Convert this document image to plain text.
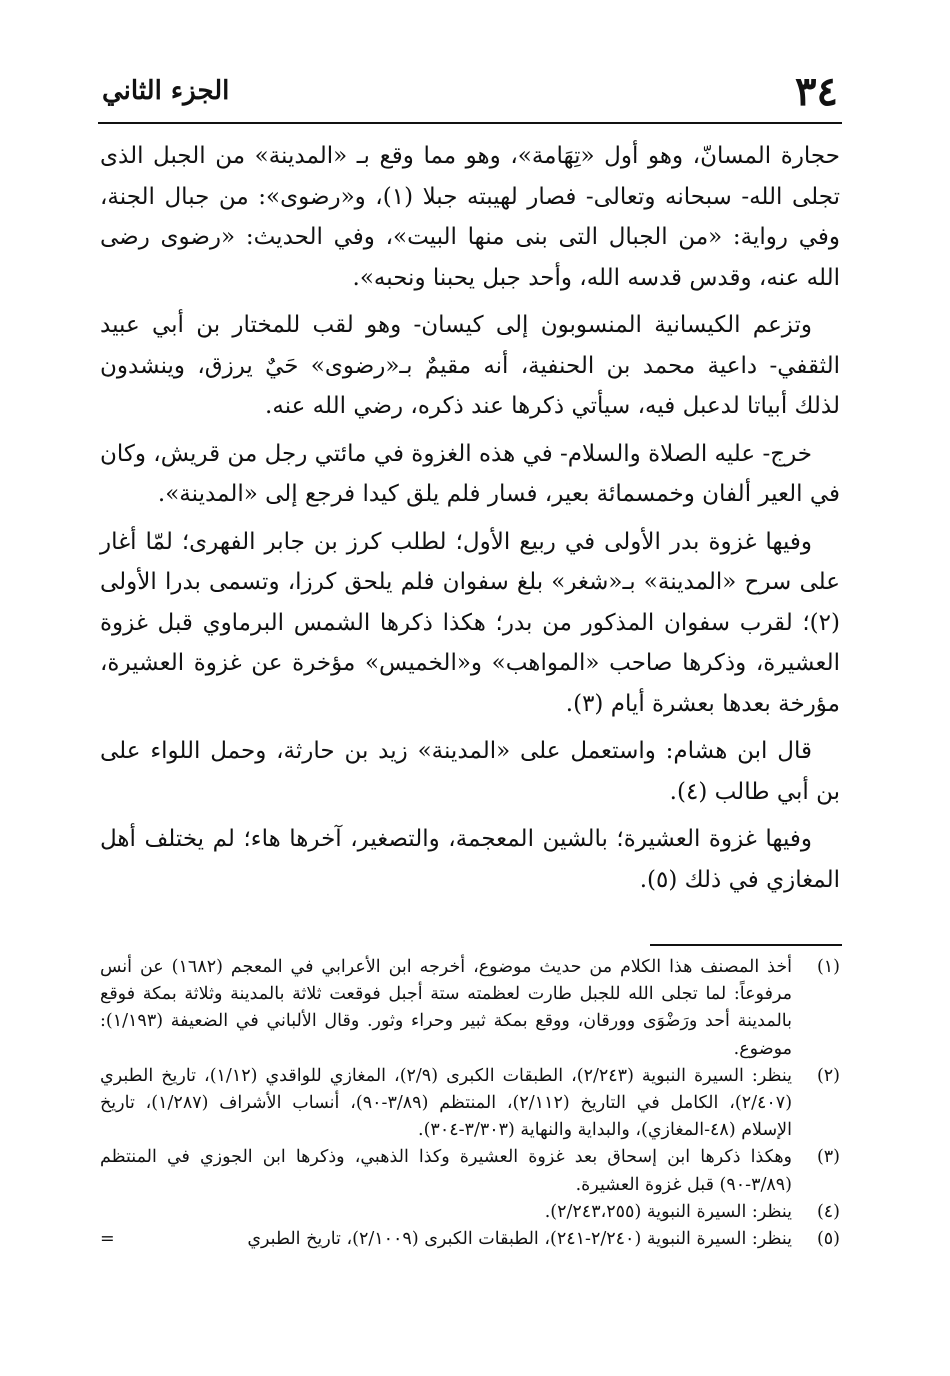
٣٤
الجزء الثاني

حجارة المسانّ، وهو أول «تِهَامة»، وهو مما وقع بـ «المدينة» من الجبل الذى تجلى الله- سبحانه وتعالى- فصار لهيبته جبلا (١)، و«رضوى»: من جبال الجنة، وفي رواية: «من الجبال التى بنى منها البيت»، وفي الحديث: «رضوى رضى الله عنه، وقدس قدسه الله، وأحد جبل يحبنا ونحبه».

وتزعم الكيسانية المنسوبون إلى كيسان- وهو لقب للمختار بن أبي عبيد الثقفي- داعية محمد بن الحنفية، أنه مقيمٌ بـ«رضوى» حَيٌ يرزق، وينشدون لذلك أبياتا لدعبل فيه، سيأتي ذكرها عند ذكره، رضي الله عنه.

خرج- عليه الصلاة والسلام- في هذه الغزوة في مائتي رجل من قريش، وكان في العير ألفان وخمسمائة بعير، فسار فلم يلق كيدا فرجع إلى «المدينة».

وفيها غزوة بدر الأولى في ربيع الأول؛ لطلب كرز بن جابر الفهرى؛ لمّا أغار على سرح «المدينة» بـ«شغر» بلغ سفوان فلم يلحق كرزا، وتسمى بدرا الأولى (٢)؛ لقرب سفوان المذكور من بدر؛ هكذا ذكرها الشمس البرماوي قبل غزوة العشيرة، وذكرها صاحب «المواهب» و«الخميس» مؤخرة عن غزوة العشيرة، مؤرخة بعدها بعشرة أيام (٣).

قال ابن هشام: واستعمل على «المدينة» زيد بن حارثة، وحمل اللواء على بن أبي طالب (٤).

وفيها غزوة العشيرة؛ بالشين المعجمة، والتصغير، آخرها هاء؛ لم يختلف أهل المغازي في ذلك (٥).

(١)
أخذ المصنف هذا الكلام من حديث موضوع، أخرجه ابن الأعرابي في المعجم (١٦٨٢) عن أنس مرفوعاً: لما تجلى الله للجبل طارت لعظمته ستة أجبل فوقعت ثلاثة بالمدينة وثلاثة بمكة فوقع بالمدينة أحد ورَضْوَى وورقان، ووقع بمكة ثبير وحراء وثور. وقال الألباني في الضعيفة (١/١٩٣): موضوع.
(٢)
ينظر: السيرة النبوية (٢/٢٤٣)، الطبقات الكبرى (٢/٩)، المغازي للواقدي (١/١٢)، تاريخ الطبري (٢/٤٠٧)، الكامل في التاريخ (٢/١١٢)، المنتظم (٣/٨٩-٩٠)، أنساب الأشراف (١/٢٨٧)، تاريخ الإسلام (٤٨-المغازي)، والبداية والنهاية (٣/٣٠٣-٣٠٤).
(٣)
وهكذا ذكرها ابن إسحاق بعد غزوة العشيرة وكذا الذهبي، وذكرها ابن الجوزي في المنتظم (٣/٨٩-٩٠) قبل غزوة العشيرة.
(٤)
ينظر: السيرة النبوية (٢/٢٤٣،٢٥٥).
(٥)
ينظر: السيرة النبوية (٢/٢٤٠-٢٤١)، الطبقات الكبرى (٢/١٠٠٩)، تاريخ الطبري
=
